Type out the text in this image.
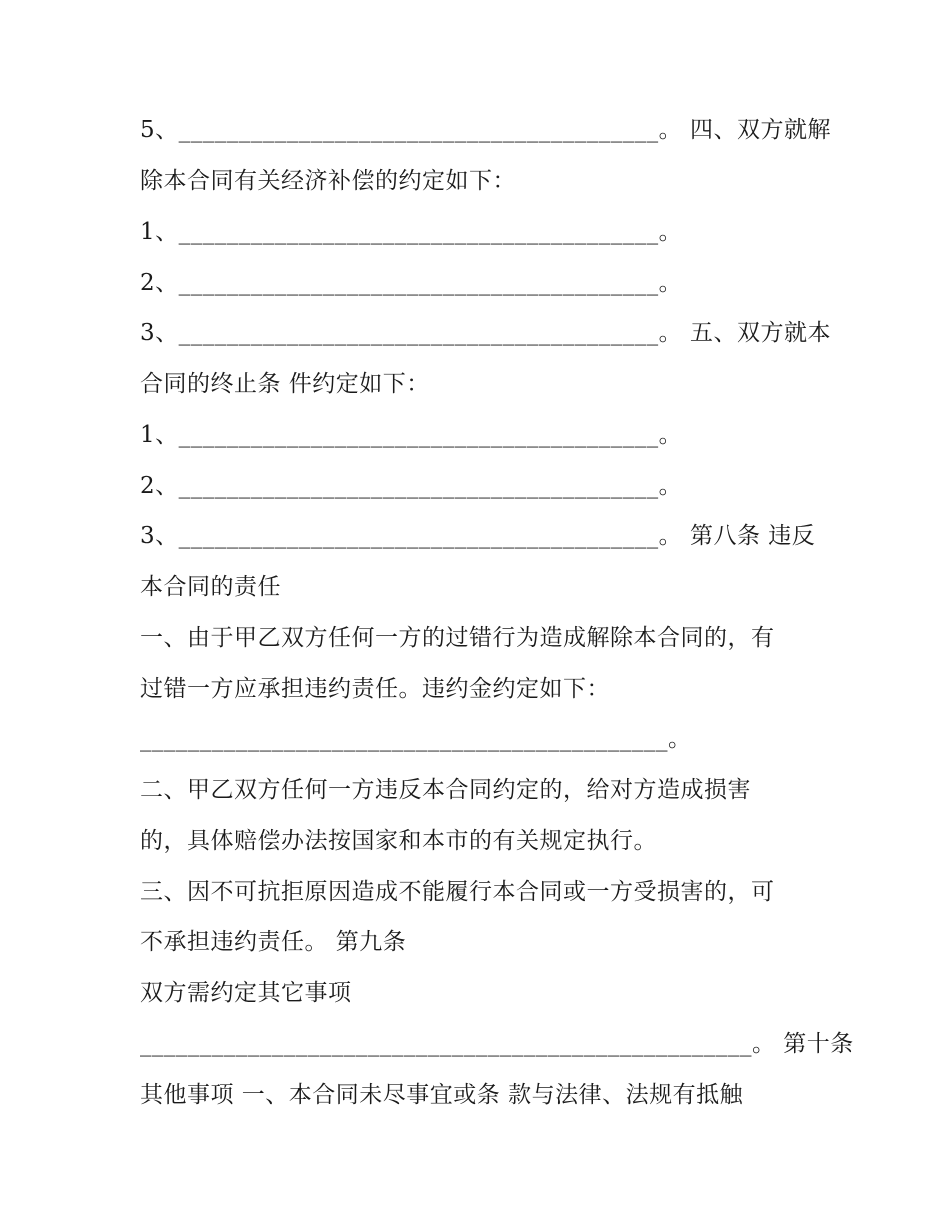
5、________________________________________。 四、双方就解
除本合同有关经济补偿的约定如下：
1、________________________________________。
2、________________________________________。
3、________________________________________。 五、双方就本
合同的终止条 件约定如下：
1、________________________________________。
2、________________________________________。
3、________________________________________。 第八条 违反
本合同的责任
一、由于甲乙双方任何一方的过错行为造成解除本合同的，有
过错一方应承担违约责任。违约金约定如下：
____________________________________________。
二、甲乙双方任何一方违反本合同约定的，给对方造成损害
的，具体赔偿办法按国家和本市的有关规定执行。
三、因不可抗拒原因造成不能履行本合同或一方受损害的，可
不承担违约责任。 第九条
双方需约定其它事项
___________________________________________________。 第十条
其他事项 一、本合同未尽事宜或条 款与法律、法规有抵触
